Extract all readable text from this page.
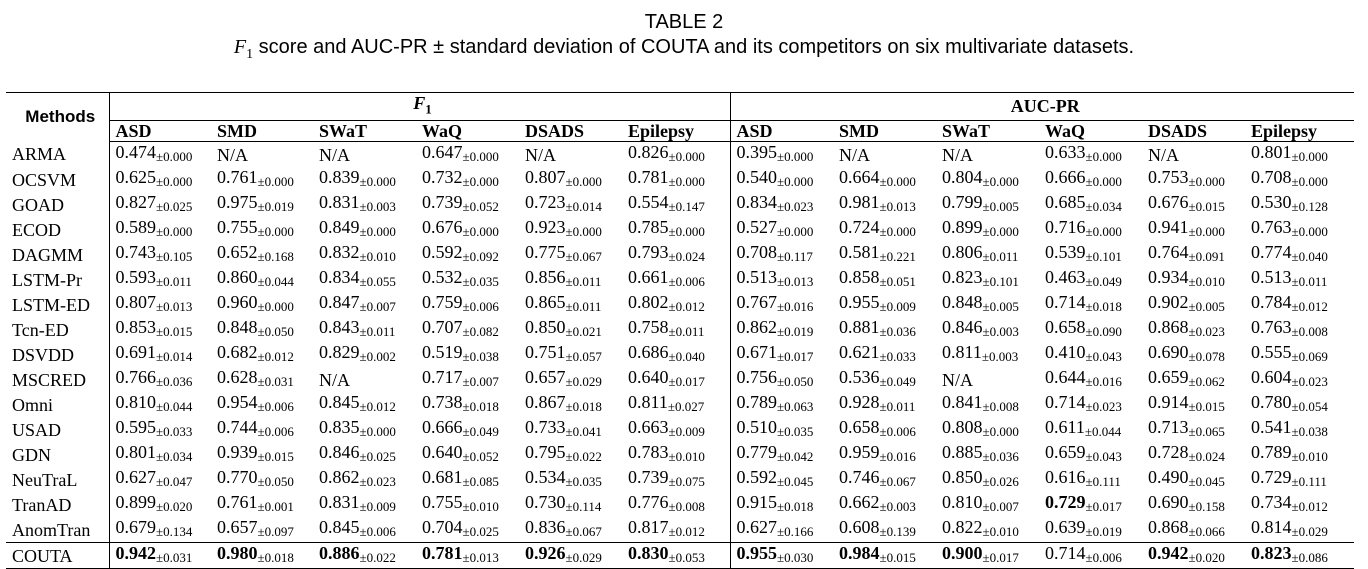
TABLE 2
$F_1$ score and AUC-PR ± standard deviation of COUTA and its competitors on six multivariate datasets.
Methods	$F_1$						AUC-PR					
	ASD	SMD	SWaT	WaQ	DSADS	Epilepsy	ASD	SMD	SWaT	WaQ	DSADS	Epilepsy
ARMA	0.474±0.000	N/A	N/A	0.647±0.000	N/A	0.826±0.000	0.395±0.000	N/A	N/A	0.633±0.000	N/A	0.801±0.000
OCSVM	0.625±0.000	0.761±0.000	0.839±0.000	0.732±0.000	0.807±0.000	0.781±0.000	0.540±0.000	0.664±0.000	0.804±0.000	0.666±0.000	0.753±0.000	0.708±0.000
GOAD	0.827±0.025	0.975±0.019	0.831±0.003	0.739±0.052	0.723±0.014	0.554±0.147	0.834±0.023	0.981±0.013	0.799±0.005	0.685±0.034	0.676±0.015	0.530±0.128
ECOD	0.589±0.000	0.755±0.000	0.849±0.000	0.676±0.000	0.923±0.000	0.785±0.000	0.527±0.000	0.724±0.000	0.899±0.000	0.716±0.000	0.941±0.000	0.763±0.000
DAGMM	0.743±0.105	0.652±0.168	0.832±0.010	0.592±0.092	0.775±0.067	0.793±0.024	0.708±0.117	0.581±0.221	0.806±0.011	0.539±0.101	0.764±0.091	0.774±0.040
LSTM-Pr	0.593±0.011	0.860±0.044	0.834±0.055	0.532±0.035	0.856±0.011	0.661±0.006	0.513±0.013	0.858±0.051	0.823±0.101	0.463±0.049	0.934±0.010	0.513±0.011
LSTM-ED	0.807±0.013	0.960±0.000	0.847±0.007	0.759±0.006	0.865±0.011	0.802±0.012	0.767±0.016	0.955±0.009	0.848±0.005	0.714±0.018	0.902±0.005	0.784±0.012
Tcn-ED	0.853±0.015	0.848±0.050	0.843±0.011	0.707±0.082	0.850±0.021	0.758±0.011	0.862±0.019	0.881±0.036	0.846±0.003	0.658±0.090	0.868±0.023	0.763±0.008
DSVDD	0.691±0.014	0.682±0.012	0.829±0.002	0.519±0.038	0.751±0.057	0.686±0.040	0.671±0.017	0.621±0.033	0.811±0.003	0.410±0.043	0.690±0.078	0.555±0.069
MSCRED	0.766±0.036	0.628±0.031	N/A	0.717±0.007	0.657±0.029	0.640±0.017	0.756±0.050	0.536±0.049	N/A	0.644±0.016	0.659±0.062	0.604±0.023
Omni	0.810±0.044	0.954±0.006	0.845±0.012	0.738±0.018	0.867±0.018	0.811±0.027	0.789±0.063	0.928±0.011	0.841±0.008	0.714±0.023	0.914±0.015	0.780±0.054
USAD	0.595±0.033	0.744±0.006	0.835±0.000	0.666±0.049	0.733±0.041	0.663±0.009	0.510±0.035	0.658±0.006	0.808±0.000	0.611±0.044	0.713±0.065	0.541±0.038
GDN	0.801±0.034	0.939±0.015	0.846±0.025	0.640±0.052	0.795±0.022	0.783±0.010	0.779±0.042	0.959±0.016	0.885±0.036	0.659±0.043	0.728±0.024	0.789±0.010
NeuTraL	0.627±0.047	0.770±0.050	0.862±0.023	0.681±0.085	0.534±0.035	0.739±0.075	0.592±0.045	0.746±0.067	0.850±0.026	0.616±0.111	0.490±0.045	0.729±0.111
TranAD	0.899±0.020	0.761±0.001	0.831±0.009	0.755±0.010	0.730±0.114	0.776±0.008	0.915±0.018	0.662±0.003	0.810±0.007	0.729±0.017	0.690±0.158	0.734±0.012
AnomTran	0.679±0.134	0.657±0.097	0.845±0.006	0.704±0.025	0.836±0.067	0.817±0.012	0.627±0.166	0.608±0.139	0.822±0.010	0.639±0.019	0.868±0.066	0.814±0.029
COUTA	0.942±0.031	0.980±0.018	0.886±0.022	0.781±0.013	0.926±0.029	0.830±0.053	0.955±0.030	0.984±0.015	0.900±0.017	0.714±0.006	0.942±0.020	0.823±0.086
